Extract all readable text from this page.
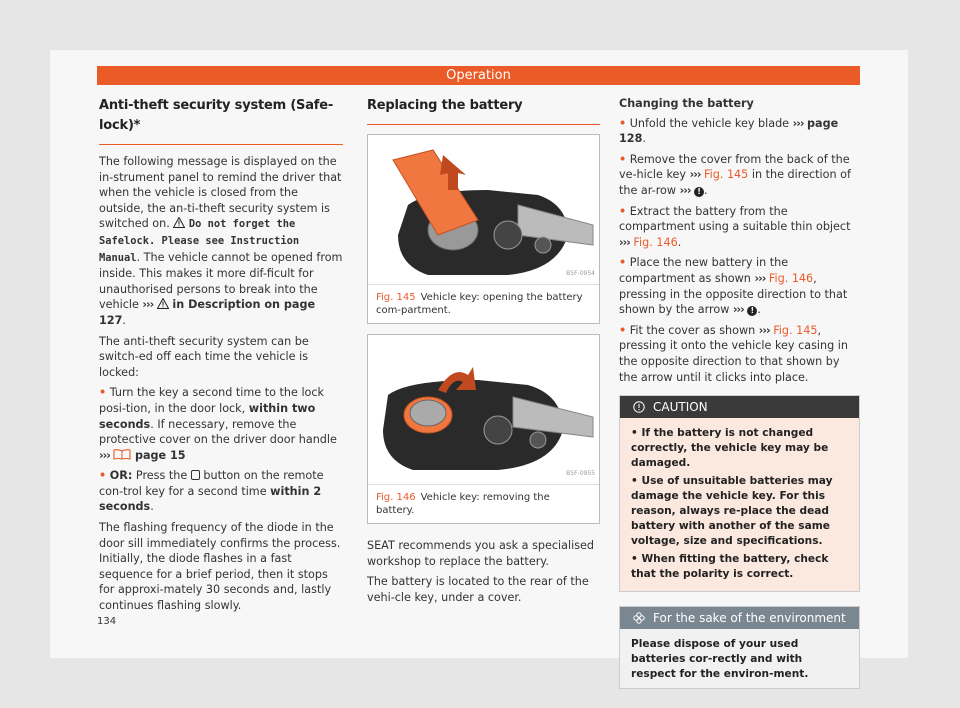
Operation
Anti-theft security system (Safe-lock)*

The following message is displayed on the in-strument panel to remind the driver that when the vehicle is closed from the outside, the an-ti-theft security system is switched on. Do not forget the Safelock. Please see Instruction Manual. The vehicle cannot be opened from inside. This makes it more dif-ficult for unauthorised persons to break into the vehicle ››› in Description on page 127.

The anti-theft security system can be switch-ed off each time the vehicle is locked:

• Turn the key a second time to the lock posi-tion, in the door lock, within two seconds. If necessary, remove the protective cover on the driver door handle ››› page 15

• OR: Press the button on the remote con-trol key for a second time within 2 seconds.

The flashing frequency of the diode in the door sill immediately confirms the process. Initially, the diode flashes in a fast sequence for a brief period, then it stops for approxi-mately 30 seconds and, lastly continues flashing slowly.

Replacing the battery
B5F-0954
Fig. 145 Vehicle key: opening the battery com-partment.
B5F-0955
Fig. 146 Vehicle key: removing the battery.

SEAT recommends you ask a specialised workshop to replace the battery.

The battery is located to the rear of the vehi-cle key, under a cover.

Changing the battery

• Unfold the vehicle key blade ››› page 128.

• Remove the cover from the back of the ve-hicle key ››› Fig. 145 in the direction of the ar-row ››› ! .

• Extract the battery from the compartment using a suitable thin object ››› Fig. 146.

• Place the new battery in the compartment as shown ››› Fig. 146, pressing in the opposite direction to that shown by the arrow ››› ! .

• Fit the cover as shown ››› Fig. 145, pressing it onto the vehicle key casing in the opposite direction to that shown by the arrow until it clicks into place.

CAUTION

• If the battery is not changed correctly, the vehicle key may be damaged.

• Use of unsuitable batteries may damage the vehicle key. For this reason, always re-place the dead battery with another of the same voltage, size and specifications.

• When fitting the battery, check that the polarity is correct.

For the sake of the environment
Please dispose of your used batteries cor-rectly and with respect for the environ-ment.
134
